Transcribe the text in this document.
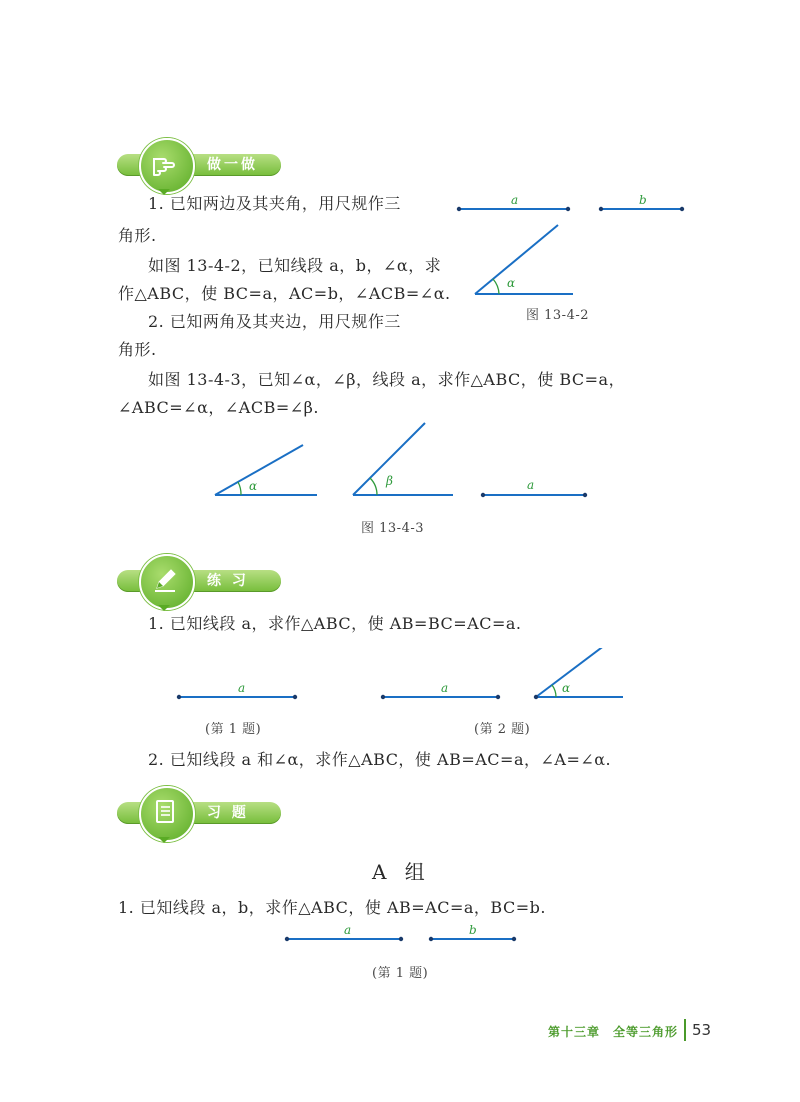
做一做
1. 已知两边及其夹角，用尺规作三
角形.
如图 13-4-2，已知线段 a，b，∠α，求
作△ABC，使 BC=a，AC=b，∠ACB=∠α.
2. 已知两角及其夹边，用尺规作三
角形.
如图 13-4-3，已知∠α，∠β，线段 a，求作△ABC，使 BC=a，
∠ABC=∠α，∠ACB=∠β.
a	b
α
图 13-4-2
α	β	a
图 13-4-3
练 习
1. 已知线段 a，求作△ABC，使 AB=BC=AC=a.
a	a	α
(第 1 题)	(第 2 题)
2. 已知线段 a 和∠α，求作△ABC，使 AB=AC=a，∠A=∠α.
习 题
A 组
1. 已知线段 a，b，求作△ABC，使 AB=AC=a，BC=b.
a	b
(第 1 题)
第十三章　全等三角形 53
